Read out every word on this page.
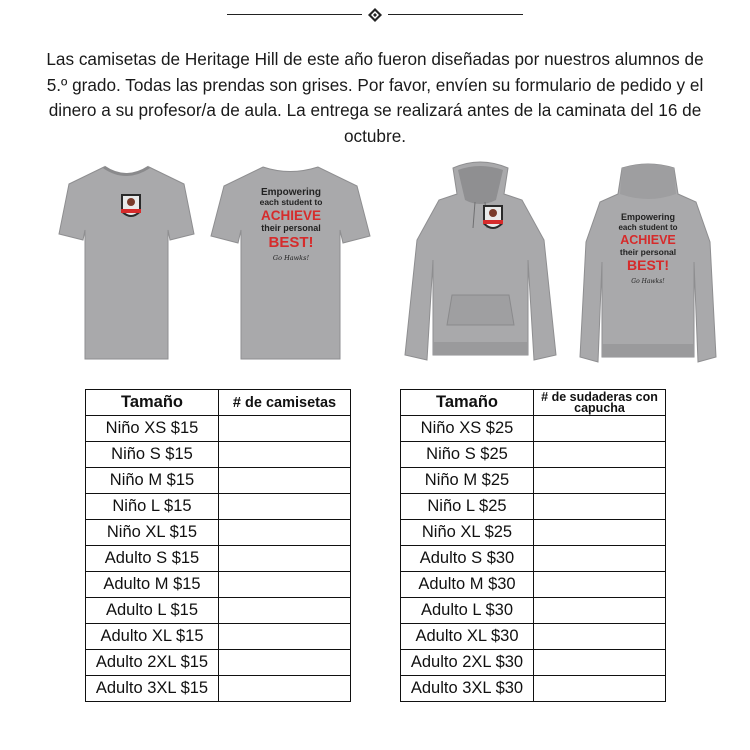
Las camisetas de Heritage Hill de este año fueron diseñadas por nuestros alumnos de 5.º grado. Todas las prendas son grises. Por favor, envíen su formulario de pedido y el dinero a su profesor/a de aula. La entrega se realizará antes de la caminata del 16 de octubre.

Empowering
each student to
ACHIEVE
their personal
BEST!
Go Hawks!
Empowering
each student to
ACHIEVE
their personal
BEST!
Go Hawks!
Tamaño	# de camisetas
Niño XS $15	
Niño S $15	
Niño M $15	
Niño L $15	
Niño XL $15	
Adulto S $15	
Adulto M $15	
Adulto L $15	
Adulto XL $15	
Adulto 2XL $15	
Adulto 3XL $15	
Tamaño	# de sudaderas con
capucha
Niño XS $25	
Niño S $25	
Niño M $25	
Niño L $25	
Niño XL $25	
Adulto S $30	
Adulto M $30	
Adulto L $30	
Adulto XL $30	
Adulto 2XL $30	
Adulto 3XL $30	
